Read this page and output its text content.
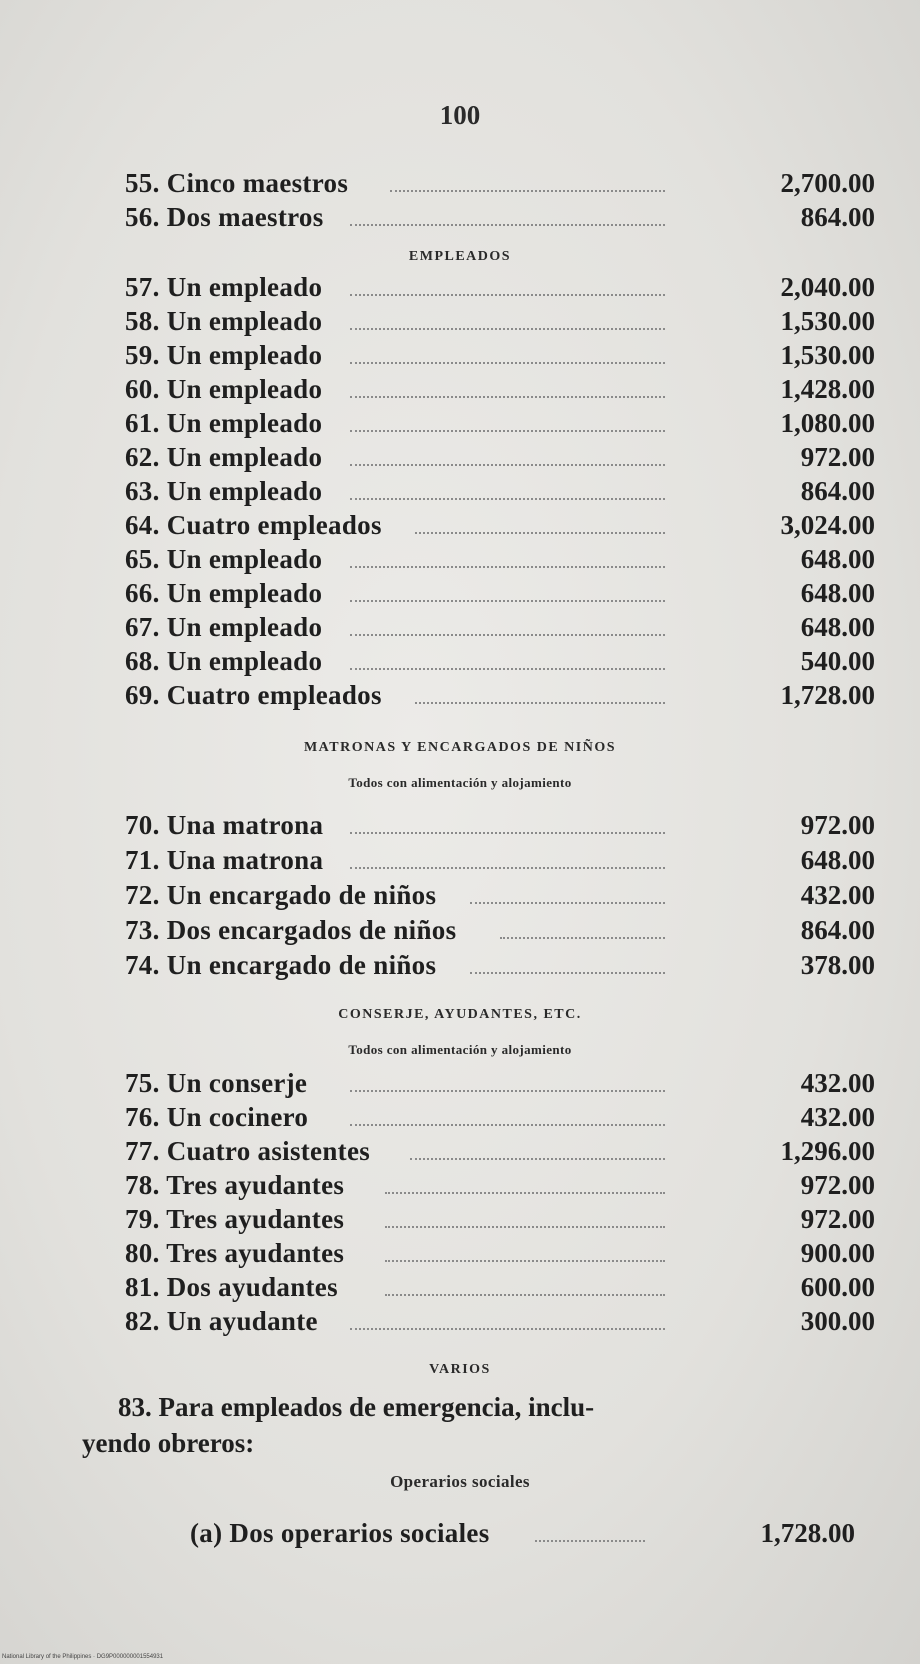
100
55. Cinco maestros	2,700.00
56. Dos maestros	864.00
EMPLEADOS
57. Un empleado	2,040.00
58. Un empleado	1,530.00
59. Un empleado	1,530.00
60. Un empleado	1,428.00
61. Un empleado	1,080.00
62. Un empleado	972.00
63. Un empleado	864.00
64. Cuatro empleados	3,024.00
65. Un empleado	648.00
66. Un empleado	648.00
67. Un empleado	648.00
68. Un empleado	540.00
69. Cuatro empleados	1,728.00
MATRONAS Y ENCARGADOS DE NIÑOS
Todos con alimentación y alojamiento
70. Una matrona	972.00
71. Una matrona	648.00
72. Un encargado de niños	432.00
73. Dos encargados de niños	864.00
74. Un encargado de niños	378.00
CONSERJE, AYUDANTES, ETC.
Todos con alimentación y alojamiento
75. Un conserje	432.00
76. Un cocinero	432.00
77. Cuatro asistentes	1,296.00
78. Tres ayudantes	972.00
79. Tres ayudantes	972.00
80. Tres ayudantes	900.00
81. Dos ayudantes	600.00
82. Un ayudante	300.00
VARIOS
83. Para empleados de emergencia, inclu-
yendo obreros:
Operarios sociales
(a) Dos operarios sociales	1,728.00
National Library of the Philippines · DG9P000000001554931
